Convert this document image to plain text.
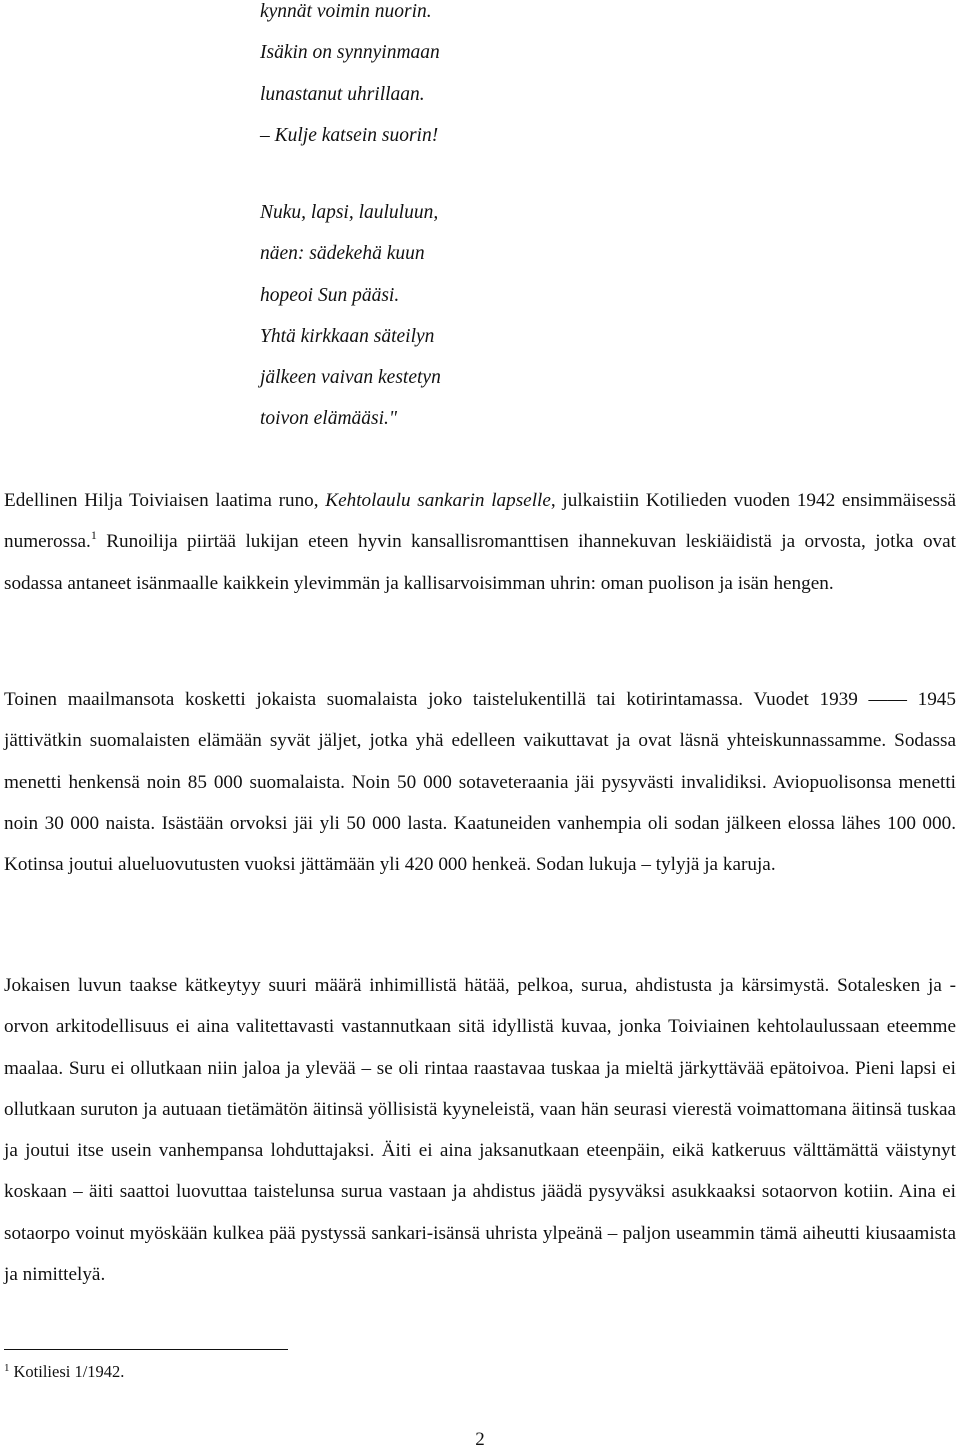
kynnät voimin nuorin.
Isäkin on synnyinmaan
lunastanut uhrillaan.
– Kulje katsein suorin!
Nuku, lapsi, laululuun,
näen: sädekehä kuun
hopeoi Sun pääsi.
Yhtä kirkkaan säteilyn
jälkeen vaivan kestetyn
toivon elämääsi."

Edellinen Hilja Toiviaisen laatima runo, Kehtolaulu sankarin lapselle, julkaistiin Kotilieden vuoden 1942 ensimmäisessä numerossa.$^1$ Runoilija piirtää lukijan eteen hyvin kansallisromanttisen ihannekuvan leskiäidistä ja orvosta, jotka ovat sodassa antaneet isänmaalle kaikkein ylevimmän ja kallisarvoisimman uhrin: oman puolison ja isän hengen.

Toinen maailmansota kosketti jokaista suomalaista joko taistelukentillä tai kotirintamassa. Vuodet 1939 —— 1945 jättivätkin suomalaisten elämään syvät jäljet, jotka yhä edelleen vaikuttavat ja ovat läsnä yhteiskunnassamme. Sodassa menetti henkensä noin 85 000 suomalaista. Noin 50 000 sotaveteraania jäi pysyvästi invalidiksi. Aviopuolisonsa menetti noin 30 000 naista. Isästään orvoksi jäi yli 50 000 lasta. Kaatuneiden vanhempia oli sodan jälkeen elossa lähes 100 000. Kotinsa joutui alueluovutusten vuoksi jättämään yli 420 000 henkeä. Sodan lukuja – tylyjä ja karuja.

Jokaisen luvun taakse kätkeytyy suuri määrä inhimillistä hätää, pelkoa, surua, ahdistusta ja kärsimystä. Sotalesken ja -orvon arkitodellisuus ei aina valitettavasti vastannutkaan sitä idyllistä kuvaa, jonka Toiviainen kehtolaulussaan eteemme maalaa. Suru ei ollutkaan niin jaloa ja ylevää – se oli rintaa raastavaa tuskaa ja mieltä järkyttävää epätoivoa. Pieni lapsi ei ollutkaan suruton ja autuaan tietämätön äitinsä yöllisistä kyyneleistä, vaan hän seurasi vierestä voimattomana äitinsä tuskaa ja joutui itse usein vanhempansa lohduttajaksi. Äiti ei aina jaksanutkaan eteenpäin, eikä katkeruus välttämättä väistynyt koskaan – äiti saattoi luovuttaa taistelunsa surua vastaan ja ahdistus jäädä pysyväksi asukkaaksi sotaorvon kotiin. Aina ei sotaorpo voinut myöskään kulkea pää pystyssä sankari-isänsä uhrista ylpeänä – paljon useammin tämä aiheutti kiusaamista ja nimittelyä.

$^1$ Kotiliesi 1/1942.
2
